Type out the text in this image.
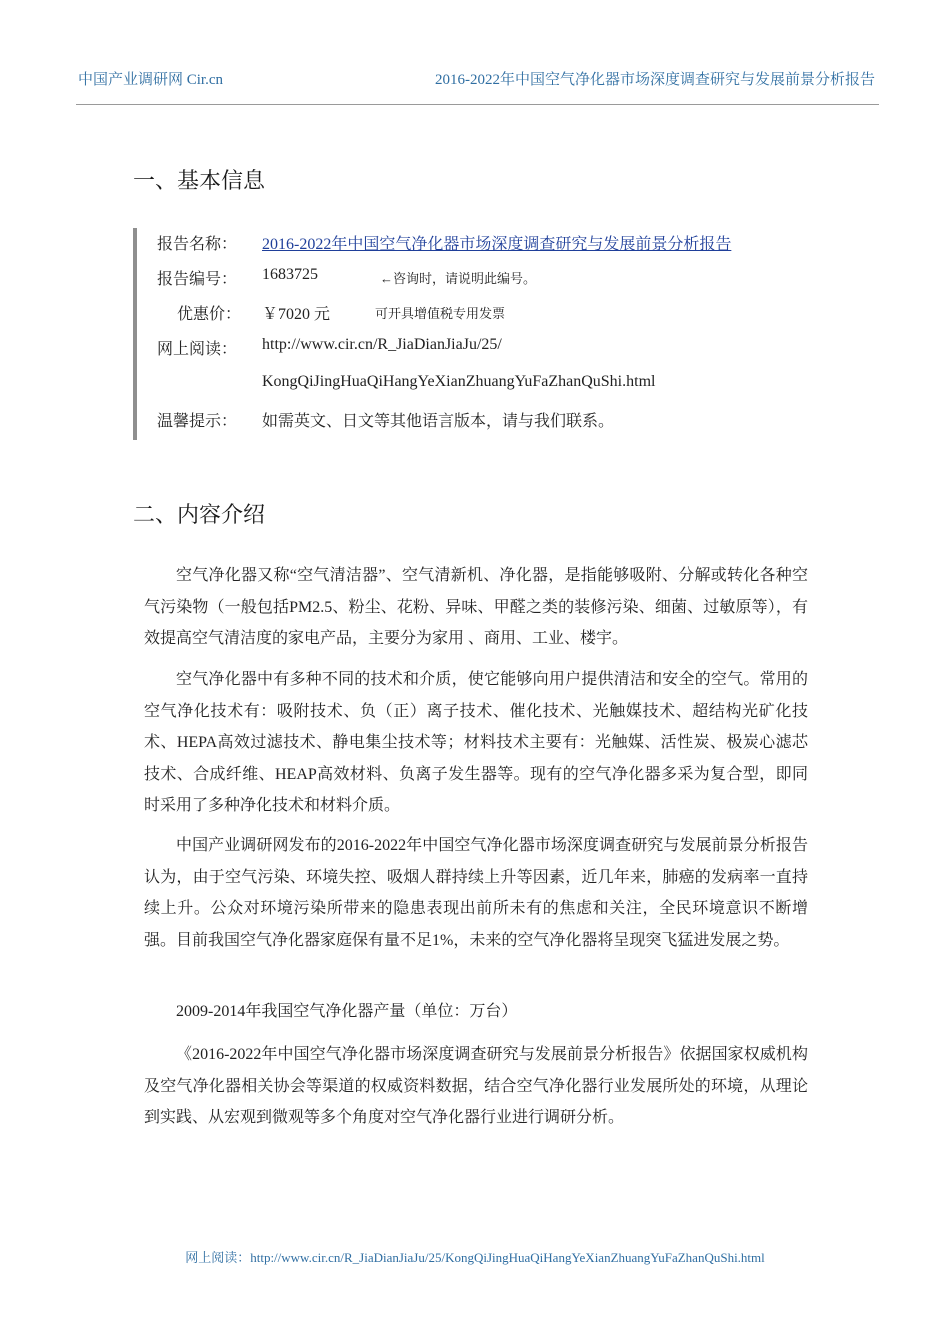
中国产业调研网 Cir.cn	2016-2022年中国空气净化器市场深度调查研究与发展前景分析报告
一、基本信息
报告名称： 2016-2022年中国空气净化器市场深度调查研究与发展前景分析报告
报告编号： 1683725	←咨询时，请说明此编号。
优惠价： ￥7020 元	可开具增值税专用发票
网上阅读： http://www.cir.cn/R_JiaDianJiaJu/25/
KongQiJingHuaQiHangYeXianZhuangYuFaZhanQuShi.html
温馨提示： 如需英文、日文等其他语言版本，请与我们联系。
二、内容介绍

空气净化器又称“空气清洁器”、空气清新机、净化器，是指能够吸附、分解或转化各种空气污染物（一般包括PM2.5、粉尘、花粉、异味、甲醛之类的装修污染、细菌、过敏原等），有效提高空气清洁度的家电产品，主要分为家用 、商用、工业、楼宇。

空气净化器中有多种不同的技术和介质，使它能够向用户提供清洁和安全的空气。常用的空气净化技术有：吸附技术、负（正）离子技术、催化技术、光触媒技术、超结构光矿化技术、HEPA高效过滤技术、静电集尘技术等；材料技术主要有：光触媒、活性炭、极炭心滤芯技术、合成纤维、HEAP高效材料、负离子发生器等。现有的空气净化器多采为复合型，即同时采用了多种净化技术和材料介质。

中国产业调研网发布的2016-2022年中国空气净化器市场深度调查研究与发展前景分析报告认为，由于空气污染、环境失控、吸烟人群持续上升等因素，近几年来，肺癌的发病率一直持续上升。公众对环境污染所带来的隐患表现出前所未有的焦虑和关注，全民环境意识不断增强。目前我国空气净化器家庭保有量不足1%，未来的空气净化器将呈现突飞猛进发展之势。

2009-2014年我国空气净化器产量（单位：万台）

《2016-2022年中国空气净化器市场深度调查研究与发展前景分析报告》依据国家权威机构及空气净化器相关协会等渠道的权威资料数据，结合空气净化器行业发展所处的环境，从理论到实践、从宏观到微观等多个角度对空气净化器行业进行调研分析。

网上阅读：http://www.cir.cn/R_JiaDianJiaJu/25/KongQiJingHuaQiHangYeXianZhuangYuFaZhanQuShi.html
